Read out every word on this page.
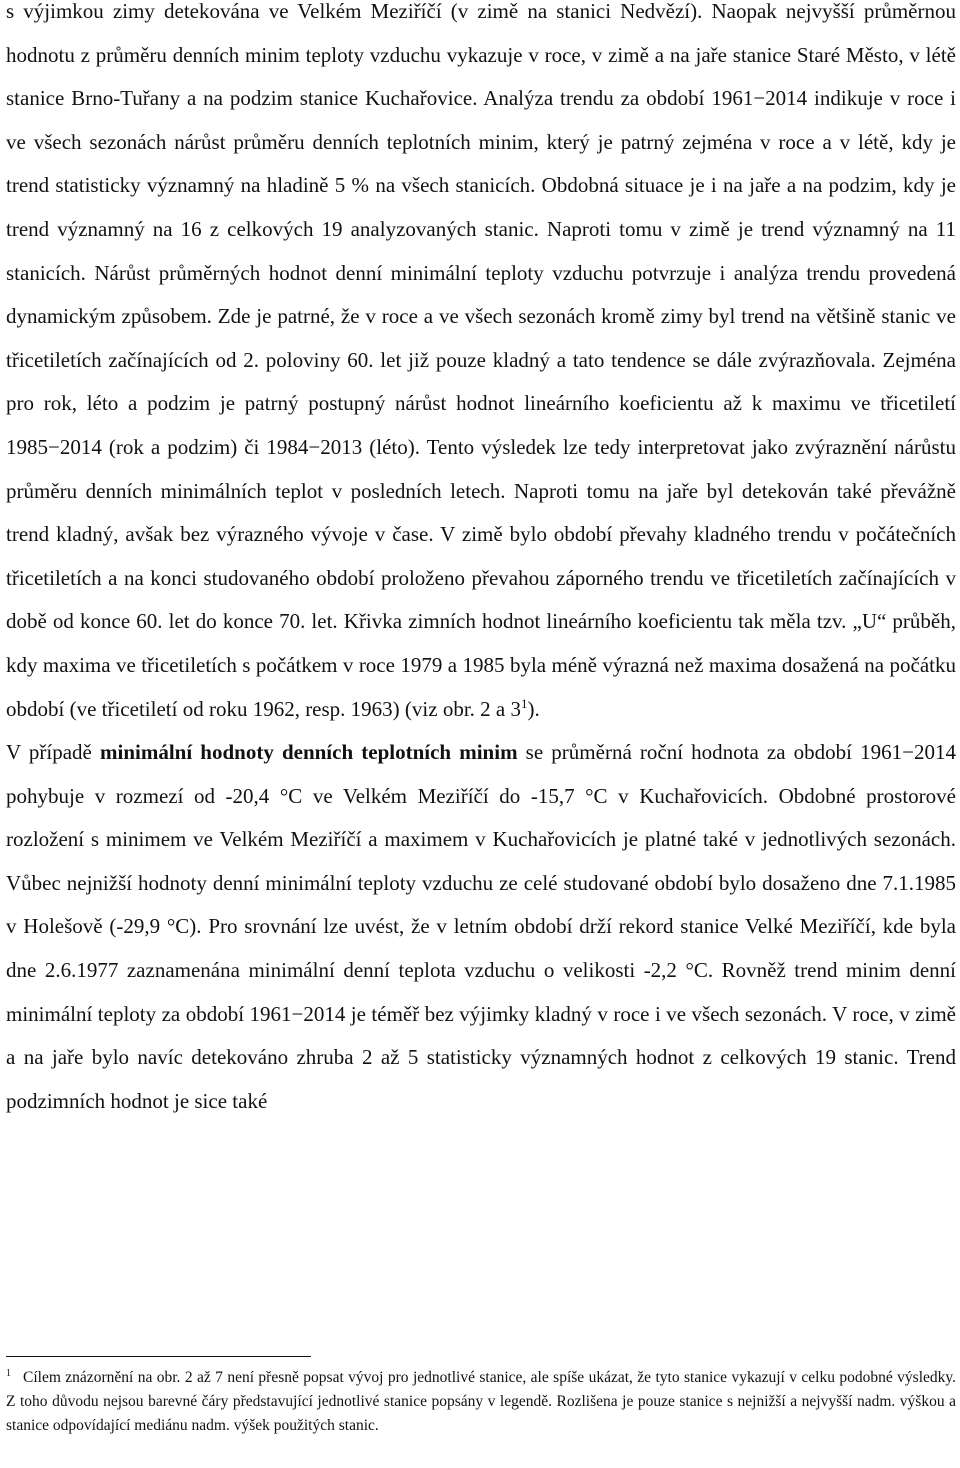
s výjimkou zimy detekována ve Velkém Meziříčí (v zimě na stanici Nedvězí). Naopak nejvyšší průměrnou hodnotu z průměru denních minim teploty vzduchu vykazuje v roce, v zimě a na jaře stanice Staré Město, v létě stanice Brno-Tuřany a na podzim stanice Kuchařovice. Analýza trendu za období 1961−2014 indikuje v roce i ve všech sezonách nárůst průměru denních teplotních minim, který je patrný zejména v roce a v létě, kdy je trend statisticky významný na hladině 5 % na všech stanicích. Obdobná situace je i na jaře a na podzim, kdy je trend významný na 16 z celkových 19 analyzovaných stanic. Naproti tomu v zimě je trend významný na 11 stanicích. Nárůst průměrných hodnot denní minimální teploty vzduchu potvrzuje i analýza trendu provedená dynamickým způsobem. Zde je patrné, že v roce a ve všech sezonách kromě zimy byl trend na většině stanic ve třicetiletích začínajících od 2. poloviny 60. let již pouze kladný a tato tendence se dále zvýrazňovala. Zejména pro rok, léto a podzim je patrný postupný nárůst hodnot lineárního koeficientu až k maximu ve třicetiletí 1985−2014 (rok a podzim) či 1984−2013 (léto). Tento výsledek lze tedy interpretovat jako zvýraznění nárůstu průměru denních minimálních teplot v posledních letech. Naproti tomu na jaře byl detekován také převážně trend kladný, avšak bez výrazného vývoje v čase. V zimě bylo období převahy kladného trendu v počátečních třicetiletích a na konci studovaného období proloženo převahou záporného trendu ve třicetiletích začínajících v době od konce 60. let do konce 70. let. Křivka zimních hodnot lineárního koeficientu tak měla tzv. „U“ průběh, kdy maxima ve třicetiletích s počátkem v roce 1979 a 1985 byla méně výrazná než maxima dosažená na počátku období (ve třicetiletí od roku 1962, resp. 1963) (viz obr. 2 a $3^1$).

V případě minimální hodnoty denních teplotních minim se průměrná roční hodnota za období 1961−2014 pohybuje v rozmezí od -20,4 °C ve Velkém Meziříčí do -15,7 °C v Kuchařovicích. Obdobné prostorové rozložení s minimem ve Velkém Meziříčí a maximem v Kuchařovicích je platné také v jednotlivých sezonách. Vůbec nejnižší hodnoty denní minimální teploty vzduchu ze celé studované období bylo dosaženo dne 7.1.1985 v Holešově (-29,9 °C). Pro srovnání lze uvést, že v letním období drží rekord stanice Velké Meziříčí, kde byla dne 2.6.1977 zaznamenána minimální denní teplota vzduchu o velikosti -2,2 °C. Rovněž trend minim denní minimální teploty za období 1961−2014 je téměř bez výjimky kladný v roce i ve všech sezonách. V roce, v zimě a na jaře bylo navíc detekováno zhruba 2 až 5 statisticky významných hodnot z celkových 19 stanic. Trend podzimních hodnot je sice také

$^1$ Cílem znázornění na obr. 2 až 7 není přesně popsat vývoj pro jednotlivé stanice, ale spíše ukázat, že tyto stanice vykazují v celku podobné výsledky. Z toho důvodu nejsou barevné čáry představující jednotlivé stanice popsány v legendě. Rozlišena je pouze stanice s nejnižší a nejvyšší nadm. výškou a stanice odpovídající mediánu nadm. výšek použitých stanic.
